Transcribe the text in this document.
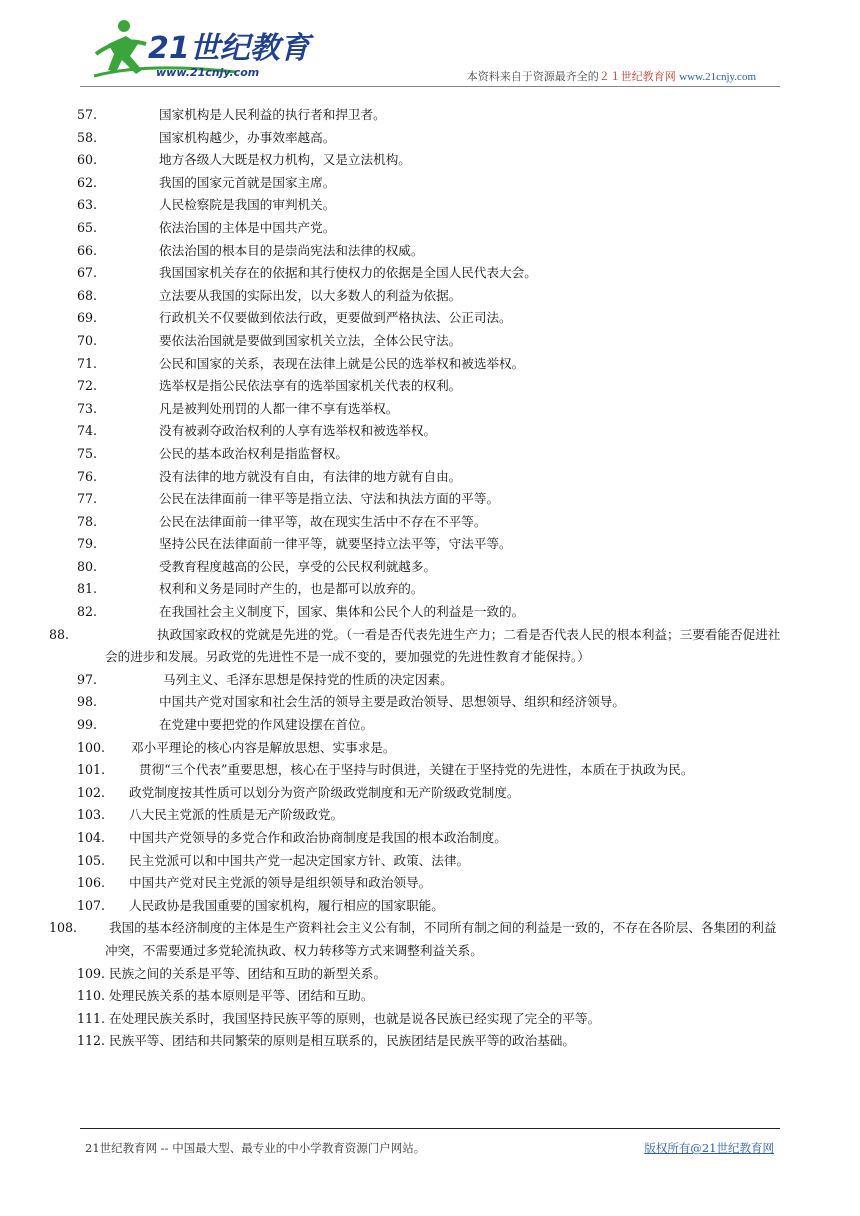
21世纪教育
www.21cnjy.com	本资料来自于资源最齐全的２１世纪教育网 www.21cnjy.com
57.	国家机构是人民利益的执行者和捍卫者。
58.	国家机构越少，办事效率越高。
60.	地方各级人大既是权力机构，又是立法机构。
62.	我国的国家元首就是国家主席。
63.	人民检察院是我国的审判机关。
65.	依法治国的主体是中国共产党。
66.	依法治国的根本目的是崇尚宪法和法律的权威。
67.	我国国家机关存在的依据和其行使权力的依据是全国人民代表大会。
68.	立法要从我国的实际出发，以大多数人的利益为依据。
69.	行政机关不仅要做到依法行政，更要做到严格执法、公正司法。
70.	要依法治国就是要做到国家机关立法，全体公民守法。
71.	公民和国家的关系，表现在法律上就是公民的选举权和被选举权。
72.	选举权是指公民依法享有的选举国家机关代表的权利。
73.	凡是被判处刑罚的人都一律不享有选举权。
74.	没有被剥夺政治权利的人享有选举权和被选举权。
75.	公民的基本政治权利是指监督权。
76.	没有法律的地方就没有自由，有法律的地方就有自由。
77.	公民在法律面前一律平等是指立法、守法和执法方面的平等。
78.	公民在法律面前一律平等，故在现实生活中不存在不平等。
79.	坚持公民在法律面前一律平等，就要坚持立法平等，守法平等。
80.	受教育程度越高的公民，享受的公民权利就越多。
81.	权利和义务是同时产生的，也是都可以放弃的。
82.	在我国社会主义制度下，国家、集体和公民个人的利益是一致的。
88.	执政国家政权的党就是先进的党。（一看是否代表先进生产力；二看是否代表人民的根本利益；三要看能否促进社会的进步和发展。另政党的先进性不是一成不变的，要加强党的先进性教育才能保持。）
97.	马列主义、毛泽东思想是保持党的性质的决定因素。
98.	中国共产党对国家和社会生活的领导主要是政治领导、思想领导、组织和经济领导。
99.	在党建中要把党的作风建设摆在首位。
100. 邓小平理论的核心内容是解放思想、实事求是。
101.	贯彻“三个代表”重要思想，核心在于坚持与时俱进，关键在于坚持党的先进性，本质在于执政为民。
102. 政党制度按其性质可以划分为资产阶级政党制度和无产阶级政党制度。
103. 八大民主党派的性质是无产阶级政党。
104. 中国共产党领导的多党合作和政治协商制度是我国的根本政治制度。
105. 民主党派可以和中国共产党一起决定国家方针、政策、法律。
106. 中国共产党对民主党派的领导是组织领导和政治领导。
107. 人民政协是我国重要的国家机构，履行相应的国家职能。
108.	我国的基本经济制度的主体是生产资料社会主义公有制，不同所有制之间的利益是一致的，不存在各阶层、各集团的利益冲突，不需要通过多党轮流执政、权力转移等方式来调整利益关系。
109. 民族之间的关系是平等、团结和互助的新型关系。
110. 处理民族关系的基本原则是平等、团结和互助。
111. 在处理民族关系时，我国坚持民族平等的原则，也就是说各民族已经实现了完全的平等。
112. 民族平等、团结和共同繁荣的原则是相互联系的，民族团结是民族平等的政治基础。
21世纪教育网 -- 中国最大型、最专业的中小学教育资源门户网站。	版权所有@21世纪教育网
